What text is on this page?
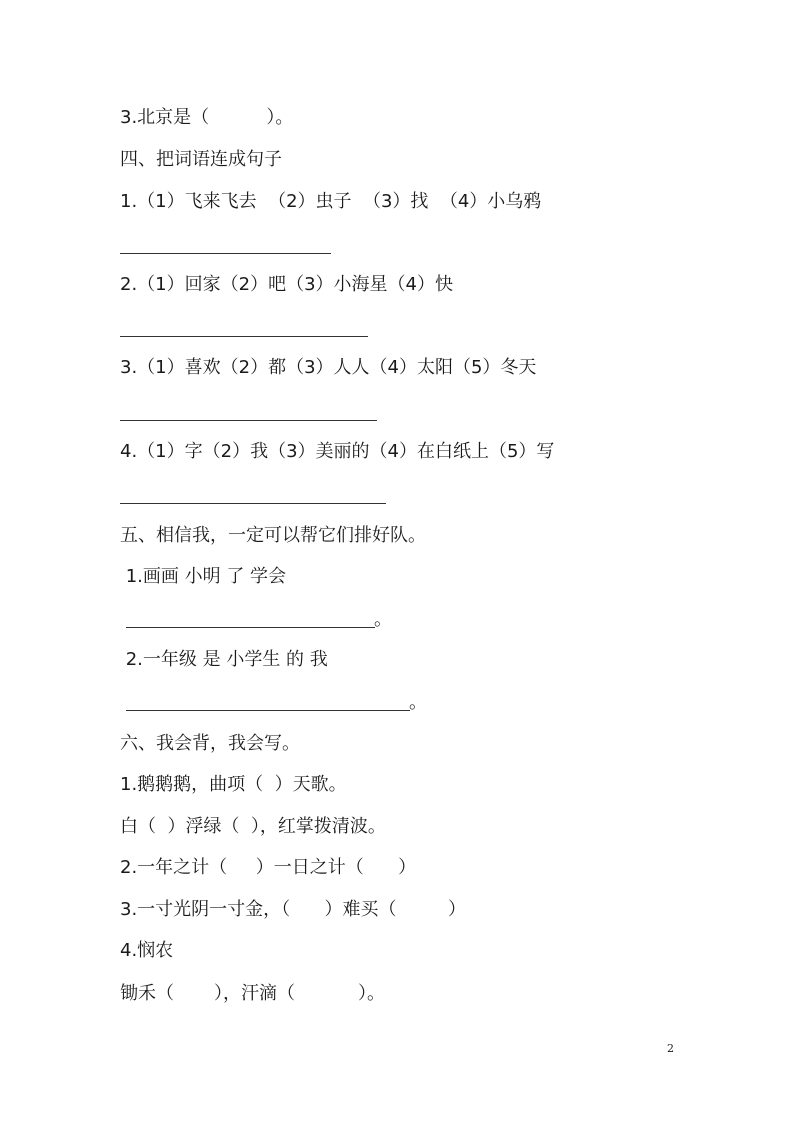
3.北京是（          ）。
四、把词语连成句子
1.（1）飞来飞去  （2）虫子  （3）找  （4）小乌鸦
2.（1）回家（2）吧（3）小海星（4）快
3.（1）喜欢（2）都（3）人人（4）太阳（5）冬天
4.（1）字（2）我（3）美丽的（4）在白纸上（5）写
五、相信我，一定可以帮它们排好队。
1.画画 小明 了 学会
。
2.一年级 是 小学生 的 我
。
六、我会背，我会写。
1.鹅鹅鹅，曲项（  ）天歌。
白（  ）浮绿（  ），红掌拨清波。
2.一年之计（     ）一日之计（      ）
3.一寸光阴一寸金，（      ）难买（         ）
4.悯农
锄禾（       ），汗滴（           ）。
2
